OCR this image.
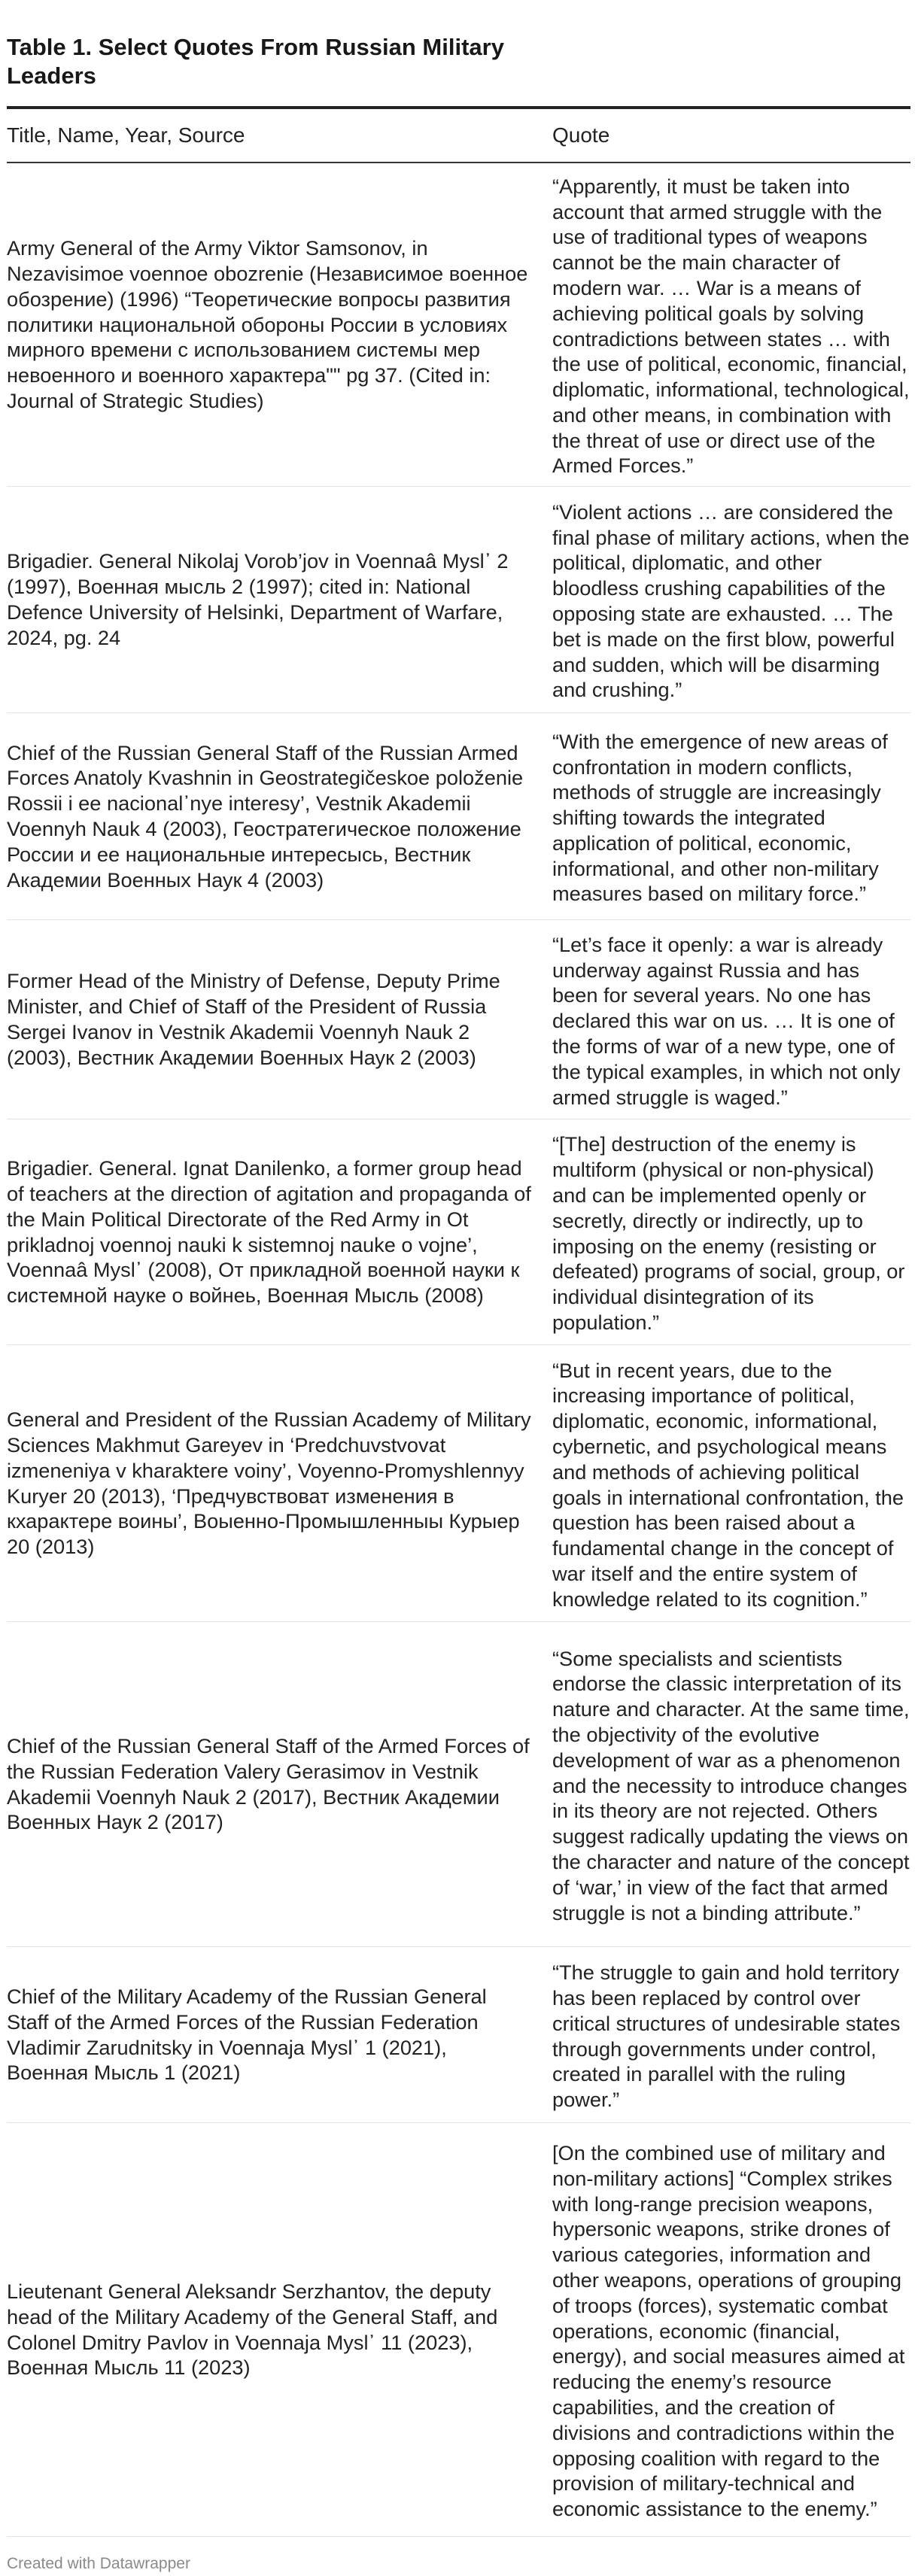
Table 1. Select Quotes From Russian Military Leaders
Title, Name, Year, Source	Quote
Army General of the Army Viktor Samsonov, in Nezavisimoe voennoe obozrenie (Независимое военное обозрение) (1996) “Теоретические вопросы развития политики национальной обороны России в условиях мирного времени с использованием системы мер невоенного и военного характера"" pg 37. (Cited in: Journal of Strategic Studies)
“Apparently, it must be taken into account that armed struggle with the use of traditional types of weapons cannot be the main character of modern war. … War is a means of achieving political goals by solving contradictions between states … with the use of political, economic, financial, diplomatic, informational, technological, and other means, in combination with the threat of use or direct use of the Armed Forces.”
Brigadier. General Nikolaj Vorob’jov in Voennaâ Mysl᾽ 2 (1997), Военная мысль 2 (1997); cited in: National Defence University of Helsinki, Department of Warfare, 2024, pg. 24
“Violent actions … are considered the final phase of military actions, when the political, diplomatic, and other bloodless crushing capabilities of the opposing state are exhausted. … The bet is made on the first blow, powerful and sudden, which will be disarming and crushing.”
Chief of the Russian General Staff of the Russian Armed Forces Anatoly Kvashnin in Geostrategičeskoe položenie Rossii i ee nacional᾽nye interesy’, Vestnik Akademii Voennyh Nauk 4 (2003), Геостратегическое положение России и ее национальные интересысь, Вестник Академии Военных Наук 4 (2003)
“With the emergence of new areas of confrontation in modern conflicts, methods of struggle are increasingly shifting towards the integrated application of political, economic, informational, and other non-military measures based on military force.”
Former Head of the Ministry of Defense, Deputy Prime Minister, and Chief of Staff of the President of Russia Sergei Ivanov in Vestnik Akademii Voennyh Nauk 2 (2003), Вестник Академии Военных Наук 2 (2003)
“Let’s face it openly: a war is already underway against Russia and has been for several years. No one has declared this war on us. … It is one of the forms of war of a new type, one of the typical examples, in which not only armed struggle is waged.”
Brigadier. General. Ignat Danilenko, a former group head of teachers at the direction of agitation and propaganda of the Main Political Directorate of the Red Army in Ot prikladnoj voennoj nauki k sistemnoj nauke o vojne’, Voennaâ Mysl᾽ (2008), От прикладной военной науки к системной науке о войнеь, Военная Мысль (2008)
“[The] destruction of the enemy is multiform (physical or non-physical) and can be implemented openly or secretly, directly or indirectly, up to imposing on the enemy (resisting or defeated) programs of social, group, or individual disintegration of its population.”
General and President of the Russian Academy of Military Sciences Makhmut Gareyev in ‘Predchuvstvovat izmeneniya v kharaktere voiny’, Voyenno-Promyshlennyy Kuryer 20 (2013), ‘Предчувствоват изменения в кхарактере воины’, Воыенно-Промышленныы Курыер 20 (2013)
“But in recent years, due to the increasing importance of political, diplomatic, economic, informational, cybernetic, and psychological means and methods of achieving political goals in international confrontation, the question has been raised about a fundamental change in the concept of war itself and the entire system of knowledge related to its cognition.”
Chief of the Russian General Staff of the Armed Forces of the Russian Federation Valery Gerasimov in Vestnik Akademii Voennyh Nauk 2 (2017), Вестник Академии Военных Наук 2 (2017)
“Some specialists and scientists endorse the classic interpretation of its nature and character. At the same time, the objectivity of the evolutive development of war as a phenomenon and the necessity to introduce changes in its theory are not rejected. Others suggest radically updating the views on the character and nature of the concept of ‘war,’ in view of the fact that armed struggle is not a binding attribute.”
Chief of the Military Academy of the Russian General Staff of the Armed Forces of the Russian Federation Vladimir Zarudnitsky in Voennaja Mysl᾽ 1 (2021), Военная Мысль 1 (2021)
“The struggle to gain and hold territory has been replaced by control over critical structures of undesirable states through governments under control, created in parallel with the ruling power.”
Lieutenant General Aleksandr Serzhantov, the deputy head of the Military Academy of the General Staff, and Colonel Dmitry Pavlov in Voennaja Mysl᾽ 11 (2023), Военная Мысль 11 (2023)
[On the combined use of military and non-military actions] “Complex strikes with long-range precision weapons, hypersonic weapons, strike drones of various categories, information and other weapons, operations of grouping of troops (forces), systematic combat operations, economic (financial, energy), and social measures aimed at reducing the enemy’s resource capabilities, and the creation of divisions and contradictions within the opposing coalition with regard to the provision of military-technical and economic assistance to the enemy.”
Created with Datawrapper
